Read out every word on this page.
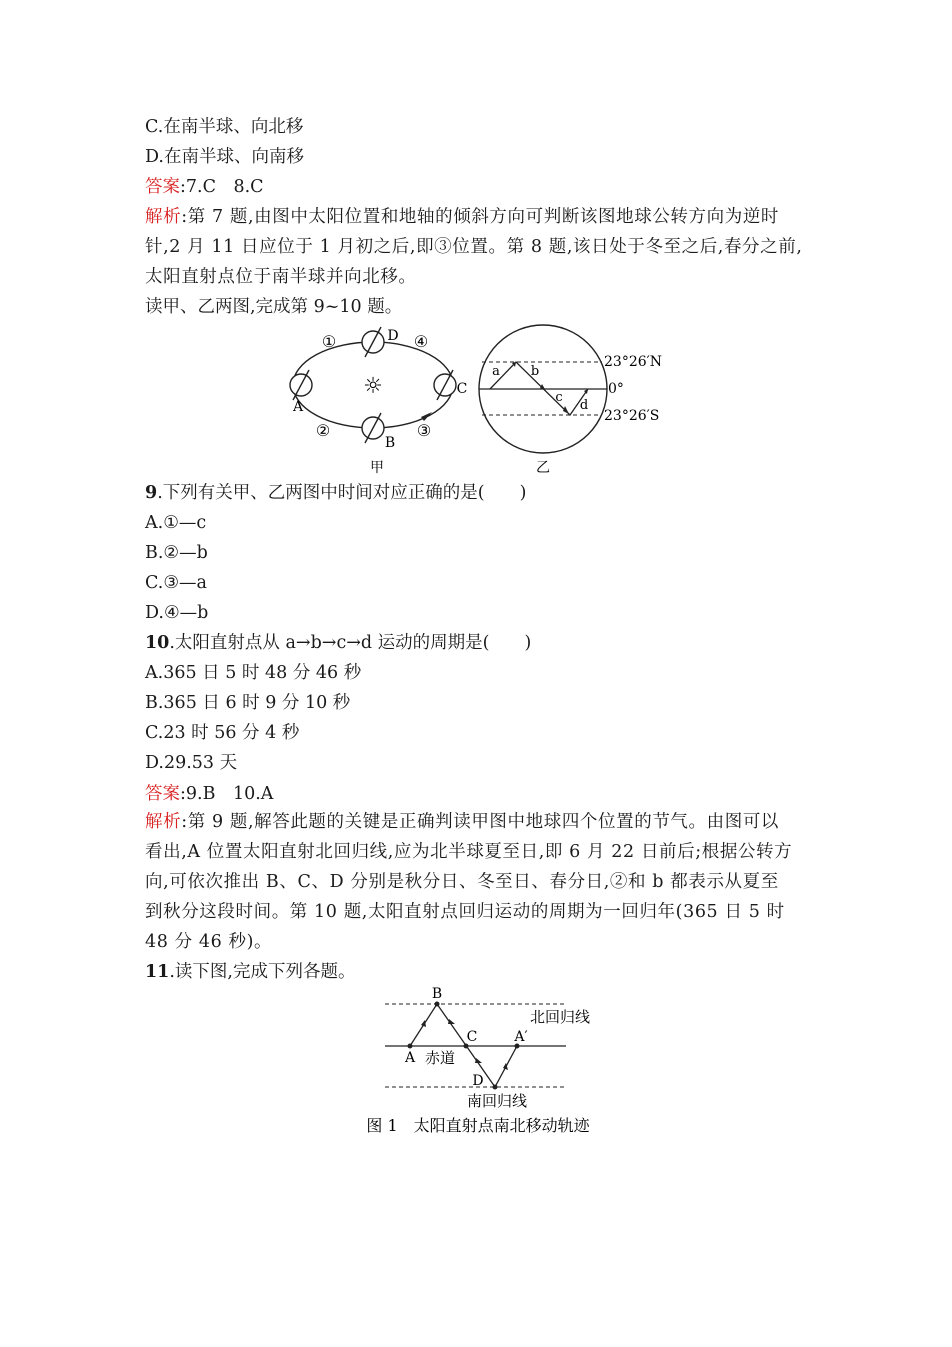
C.在南半球、向北移
D.在南半球、向南移
答案:7.C　8.C
解析:第 7 题,由图中太阳位置和地轴的倾斜方向可判断该图地球公转方向为逆时
针,2 月 11 日应位于 1 月初之后,即③位置。第 8 题,该日处于冬至之后,春分之前,
太阳直射点位于南半球并向北移。
读甲、乙两图,完成第 9~10 题。
☼
①	④
②	③
D
B
A
C
甲
a b
c
d
23°26′N
0°
23°26′S
乙
9.下列有关甲、乙两图中时间对应正确的是(　　)
A.①—c
B.②—b
C.③—a
D.④—b
10.太阳直射点从 a→b→c→d 运动的周期是(　　)
A.365 日 5 时 48 分 46 秒
B.365 日 6 时 9 分 10 秒
C.23 时 56 分 4 秒
D.29.53 天
答案:9.B　10.A
解析:第 9 题,解答此题的关键是正确判读甲图中地球四个位置的节气。由图可以
看出,A 位置太阳直射北回归线,应为北半球夏至日,即 6 月 22 日前后;根据公转方
向,可依次推出 B、C、D 分别是秋分日、冬至日、春分日,②和 b 都表示从夏至
到秋分这段时间。第 10 题,太阳直射点回归运动的周期为一回归年(365 日 5 时
48 分 46 秒)。
11.读下图,完成下列各题。
B
A
C
D
A′
北回归线
赤道
南回归线
图 1　太阳直射点南北移动轨迹
